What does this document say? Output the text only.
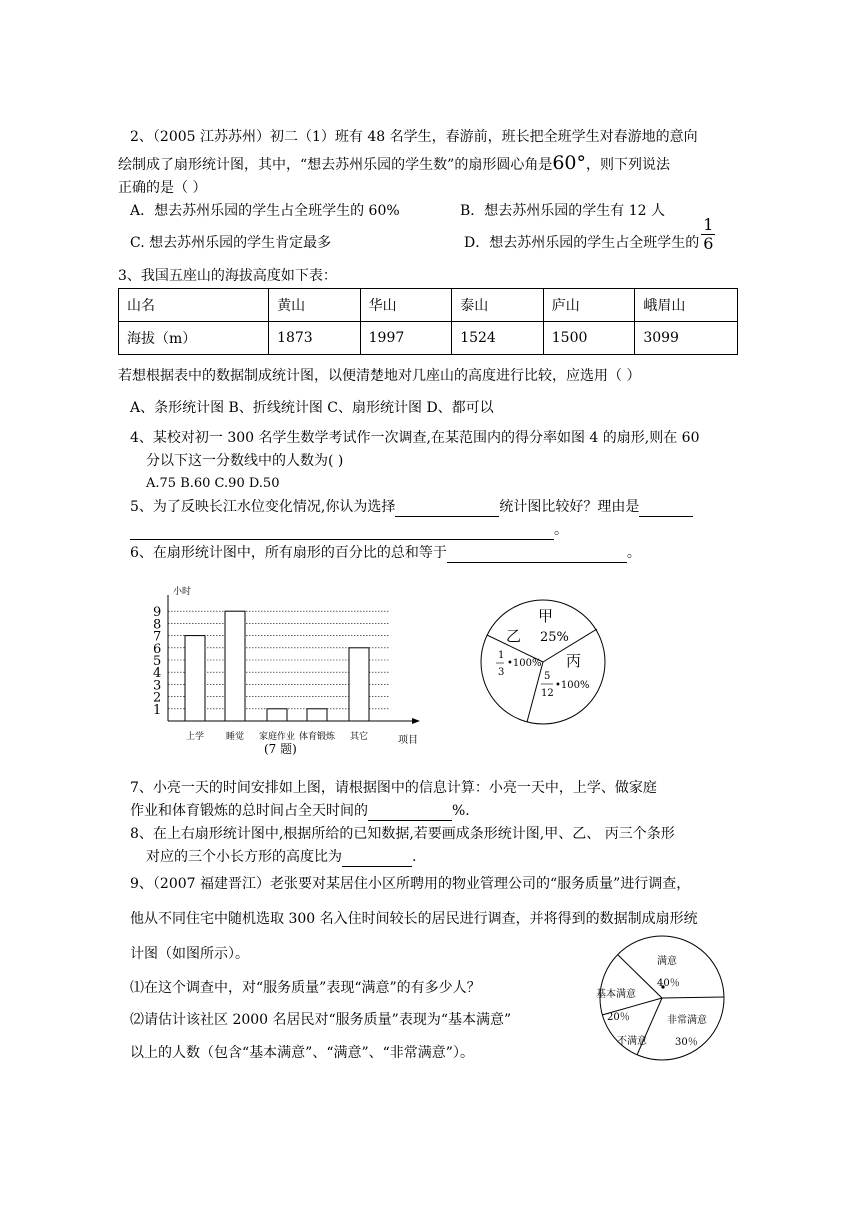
2、（2005 江苏苏州）初二（1）班有 48 名学生，春游前，班长把全班学生对春游地的意向
绘制成了扇形统计图，其中，“想去苏州乐园的学生数”的扇形圆心角是60°，则下列说法
正确的是（ ）
A．想去苏州乐园的学生占全班学生的 60%	B．想去苏州乐园的学生有 12 人
C. 想去苏州乐园的学生肯定最多	D．想去苏州乐园的学生占全班学生的 $\frac{1}{6}$
3、我国五座山的海拔高度如下表：
山名	黄山	华山	泰山	庐山	峨眉山
海拔（m）	1873	1997	1524	1500	3099
若想根据表中的数据制成统计图，以便清楚地对几座山的高度进行比较，应选用（ ）
A、条形统计图 B、折线统计图 C、扇形统计图 D、都可以
4、某校对初一 300 名学生数学考试作一次调查,在某范围内的得分率如图 4 的扇形,则在 60
分以下这一分数线中的人数为( )
A.75 B.60 C.90 D.50
5、为了反映长江水位变化情况,你认为选择	统计图比较好？理由是
。
6、在扇形统计图中，所有扇形的百分比的总和等于	。
1
2
3
4
5
6
7
8
9
上学 睡觉 家庭作业 体育锻炼 其它
小时
项目
(7 题)
甲
25%
乙
1
3
•100% 丙
5
12
•100%
7、小亮一天的时间安排如上图，请根据图中的信息计算：小亮一天中，上学、做家庭
作业和体育锻炼的总时间占全天时间的	%.
8、在上右扇形统计图中,根据所给的已知数据,若要画成条形统计图,甲、乙、 丙三个条形
对应的三个小长方形的高度比为	.
9、（2007 福建晋江）老张要对某居住小区所聘用的物业管理公司的“服务质量”进行调查，
他从不同住宅中随机选取 300 名入住时间较长的居民进行调查，并将得到的数据制成扇形统
计图（如图所示）。
⑴在这个调查中，对“服务质量”表现“满意”的有多少人？
⑵请估计该社区 2000 名居民对“服务质量”表现为“基本满意”
以上的人数（包含“基本满意”、“满意”、“非常满意”）。
满意
40％
非常满意
30％
不满意
基本满意
20％
